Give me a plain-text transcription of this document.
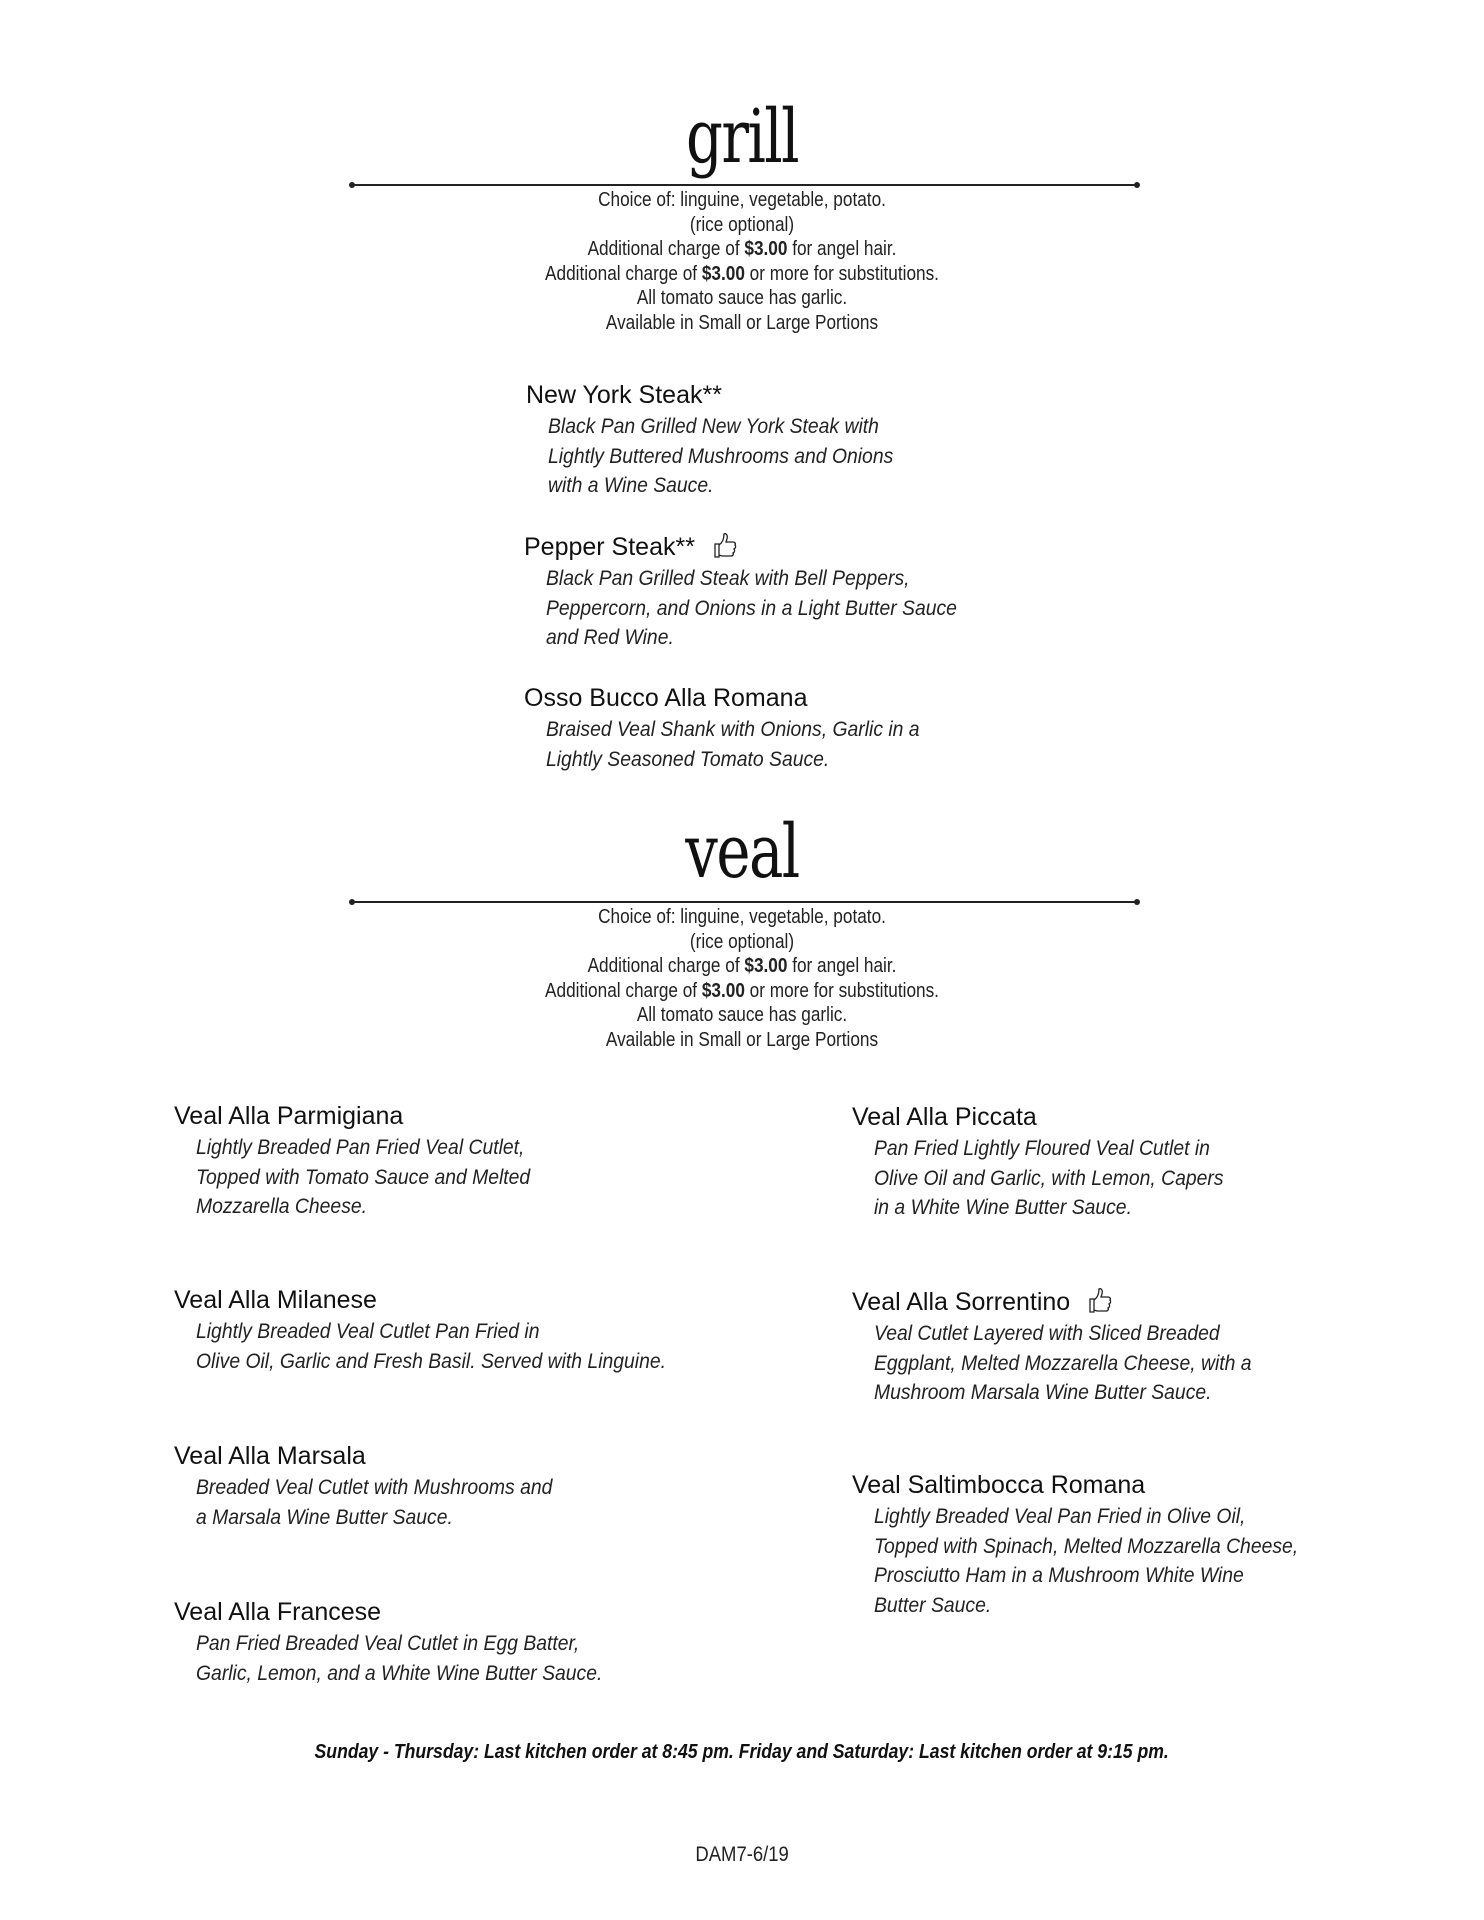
grill
Choice of: linguine, vegetable, potato.
(rice optional)
Additional charge of $3.00 for angel hair.
Additional charge of $3.00 or more for substitutions.
All tomato sauce has garlic.
Available in Small or Large Portions
New York Steak**
Black Pan Grilled New York Steak with
Lightly Buttered Mushrooms and Onions
with a Wine Sauce.
Pepper Steak**
Black Pan Grilled Steak with Bell Peppers,
Peppercorn, and Onions in a Light Butter Sauce
and Red Wine.
Osso Bucco Alla Romana
Braised Veal Shank with Onions, Garlic in a
Lightly Seasoned Tomato Sauce.
veal
Choice of: linguine, vegetable, potato.
(rice optional)
Additional charge of $3.00 for angel hair.
Additional charge of $3.00 or more for substitutions.
All tomato sauce has garlic.
Available in Small or Large Portions
Veal Alla Parmigiana
Lightly Breaded Pan Fried Veal Cutlet,
Topped with Tomato Sauce and Melted
Mozzarella Cheese.
Veal Alla Milanese
Lightly Breaded Veal Cutlet Pan Fried in
Olive Oil, Garlic and Fresh Basil. Served with Linguine.
Veal Alla Marsala
Breaded Veal Cutlet with Mushrooms and
a Marsala Wine Butter Sauce.
Veal Alla Francese
Pan Fried Breaded Veal Cutlet in Egg Batter,
Garlic, Lemon, and a White Wine Butter Sauce.
Veal Alla Piccata
Pan Fried Lightly Floured Veal Cutlet in
Olive Oil and Garlic, with Lemon, Capers
in a White Wine Butter Sauce.
Veal Alla Sorrentino
Veal Cutlet Layered with Sliced Breaded
Eggplant, Melted Mozzarella Cheese, with a
Mushroom Marsala Wine Butter Sauce.
Veal Saltimbocca Romana
Lightly Breaded Veal Pan Fried in Olive Oil,
Topped with Spinach, Melted Mozzarella Cheese,
Prosciutto Ham in a Mushroom White Wine
Butter Sauce.
Sunday - Thursday: Last kitchen order at 8:45 pm. Friday and Saturday: Last kitchen order at 9:15 pm.
DAM7-6/19
